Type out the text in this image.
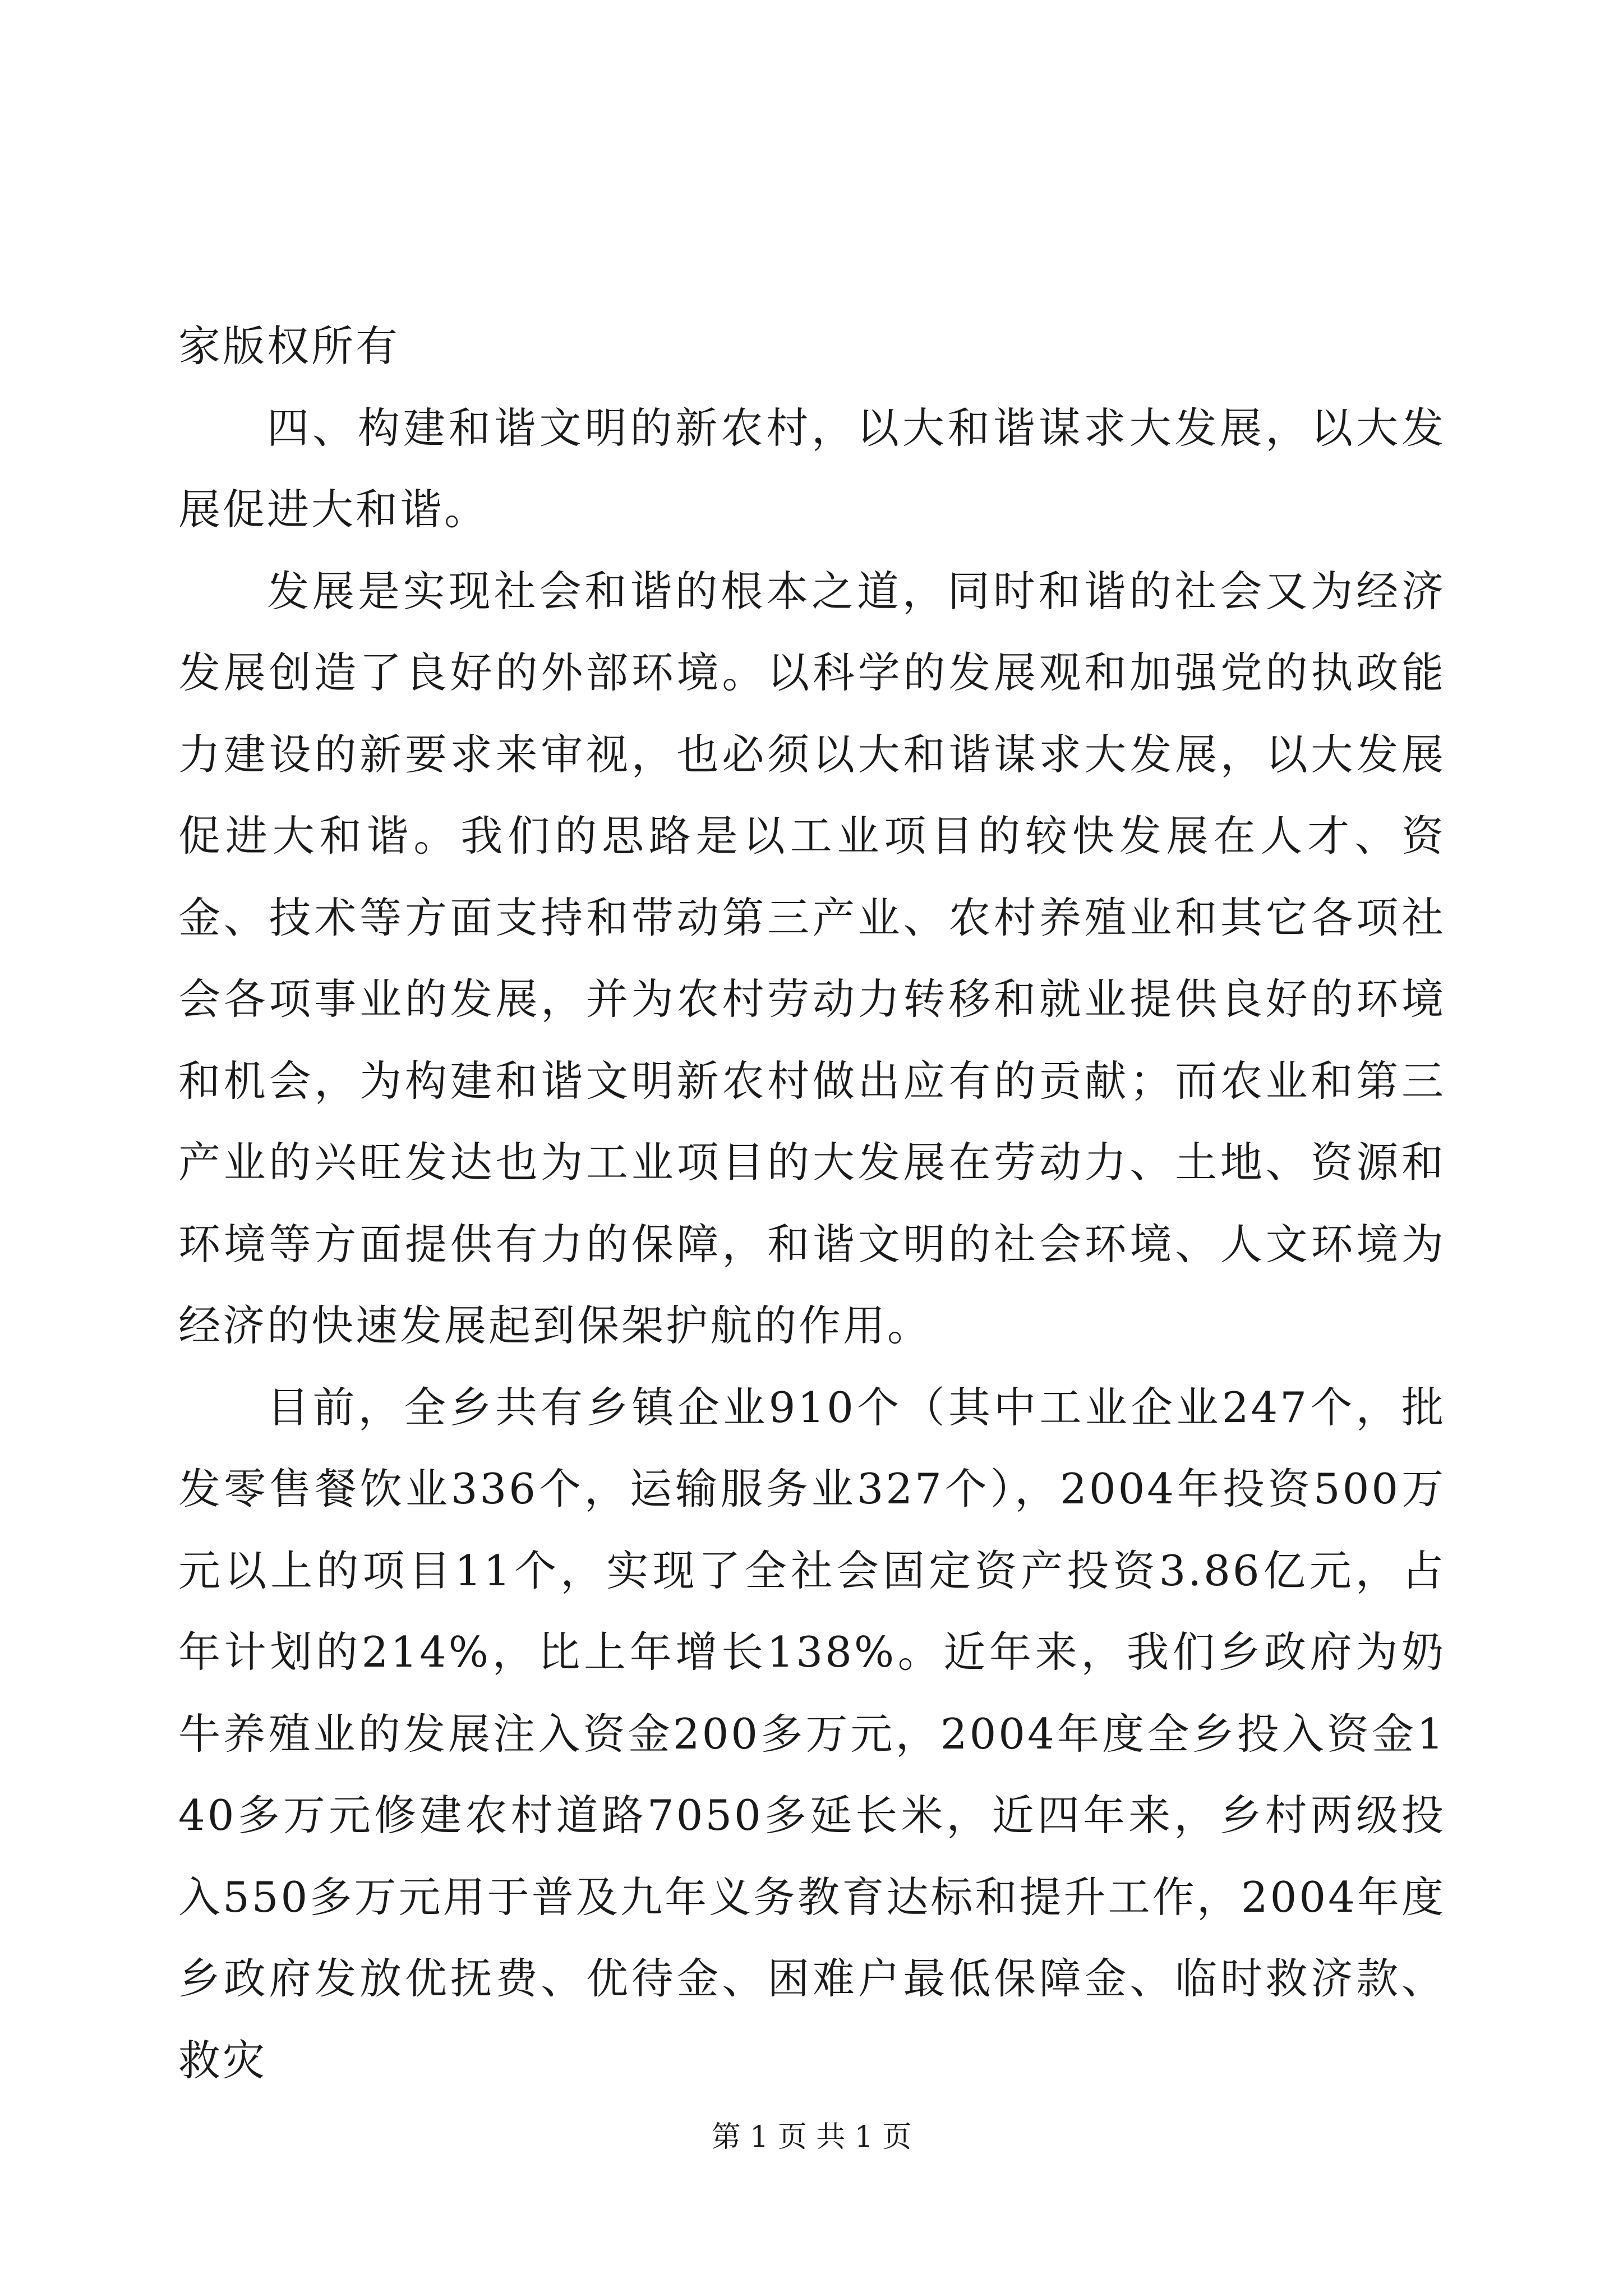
家版权所有

四、构建和谐文明的新农村，以大和谐谋求大发展，以大发展促进大和谐。

发展是实现社会和谐的根本之道，同时和谐的社会又为经济发展创造了良好的外部环境。以科学的发展观和加强党的执政能力建设的新要求来审视，也必须以大和谐谋求大发展，以大发展促进大和谐。我们的思路是以工业项目的较快发展在人才、资金、技术等方面支持和带动第三产业、农村养殖业和其它各项社会各项事业的发展，并为农村劳动力转移和就业提供良好的环境和机会，为构建和谐文明新农村做出应有的贡献；而农业和第三产业的兴旺发达也为工业项目的大发展在劳动力、土地、资源和环境等方面提供有力的保障，和谐文明的社会环境、人文环境为经济的快速发展起到保架护航的作用。

目前，全乡共有乡镇企业910个（其中工业企业247个，批发零售餐饮业336个，运输服务业327个），2004年投资500万元以上的项目11个，实现了全社会固定资产投资3.86亿元，占年计划的214%，比上年增长138%。近年来，我们乡政府为奶牛养殖业的发展注入资金200多万元，2004年度全乡投入资金140多万元修建农村道路7050多延长米，近四年来，乡村两级投入550多万元用于普及九年义务教育达标和提升工作，2004年度乡政府发放优抚费、优待金、困难户最低保障金、临时救济款、救灾

第 1 页 共 1 页
